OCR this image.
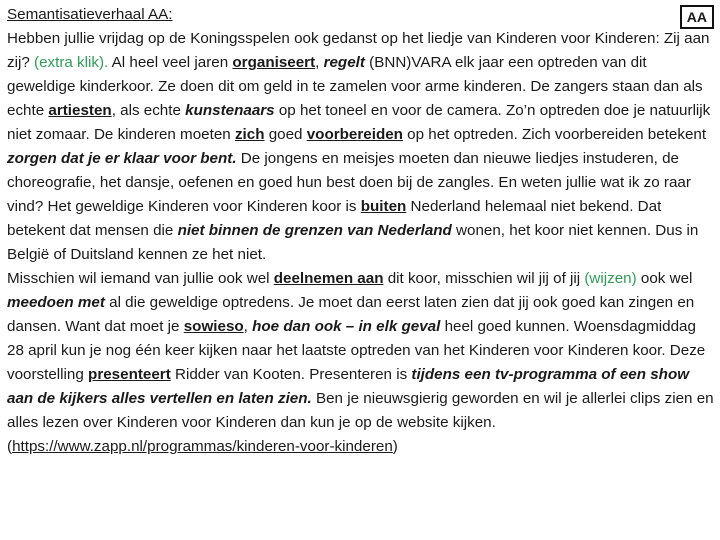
Semantisatieverhaal AA:	AA

Hebben jullie vrijdag op de Koningsspelen ook gedanst op het liedje van Kinderen voor Kinderen: Zij aan zij? (extra klik). Al heel veel jaren organiseert, regelt (BNN)VARA elk jaar een optreden van dit geweldige kinderkoor. Ze doen dit om geld in te zamelen voor arme kinderen. De zangers staan dan als echte artiesten, als echte kunstenaars op het toneel en voor de camera. Zo’n optreden doe je natuurlijk niet zomaar. De kinderen moeten zich goed voorbereiden op het optreden. Zich voorbereiden betekent zorgen dat je er klaar voor bent. De jongens en meisjes moeten dan nieuwe liedjes instuderen, de choreografie, het dansje, oefenen en goed hun best doen bij de zangles. En weten jullie wat ik zo raar vind? Het geweldige Kinderen voor Kinderen koor is buiten Nederland helemaal niet bekend. Dat betekent dat mensen die niet binnen de grenzen van Nederland wonen, het koor niet kennen. Dus in België of Duitsland kennen ze het niet.

Misschien wil iemand van jullie ook wel deelnemen aan dit koor, misschien wil jij of jij (wijzen) ook wel meedoen met al die geweldige optredens. Je moet dan eerst laten zien dat jij ook goed kan zingen en dansen. Want dat moet je sowieso, hoe dan ook – in elk geval heel goed kunnen. Woensdagmiddag 28 april kun je nog één keer kijken naar het laatste optreden van het Kinderen voor Kinderen koor. Deze voorstelling presenteert Ridder van Kooten. Presenteren is tijdens een tv-programma of een show aan de kijkers alles vertellen en laten zien. Ben je nieuwsgierig geworden en wil je allerlei clips zien en alles lezen over Kinderen voor Kinderen dan kun je op de website kijken. (https://www.zapp.nl/programmas/kinderen-voor-kinderen)
